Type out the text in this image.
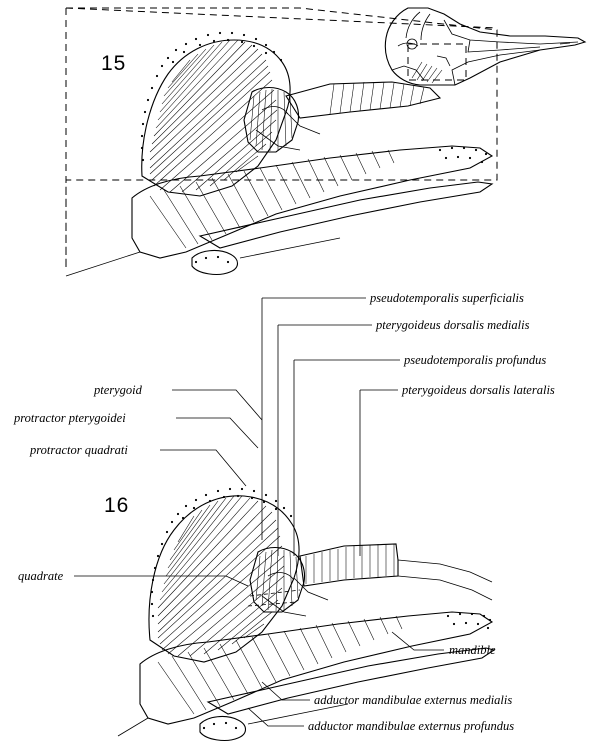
15
16
pseudotemporalis superficialis
pterygoideus dorsalis medialis
pseudotemporalis profundus
pterygoideus dorsalis lateralis
pterygoid
protractor pterygoidei
protractor quadrati
quadrate
mandible
adductor mandibulae externus medialis
adductor mandibulae externus profundus
